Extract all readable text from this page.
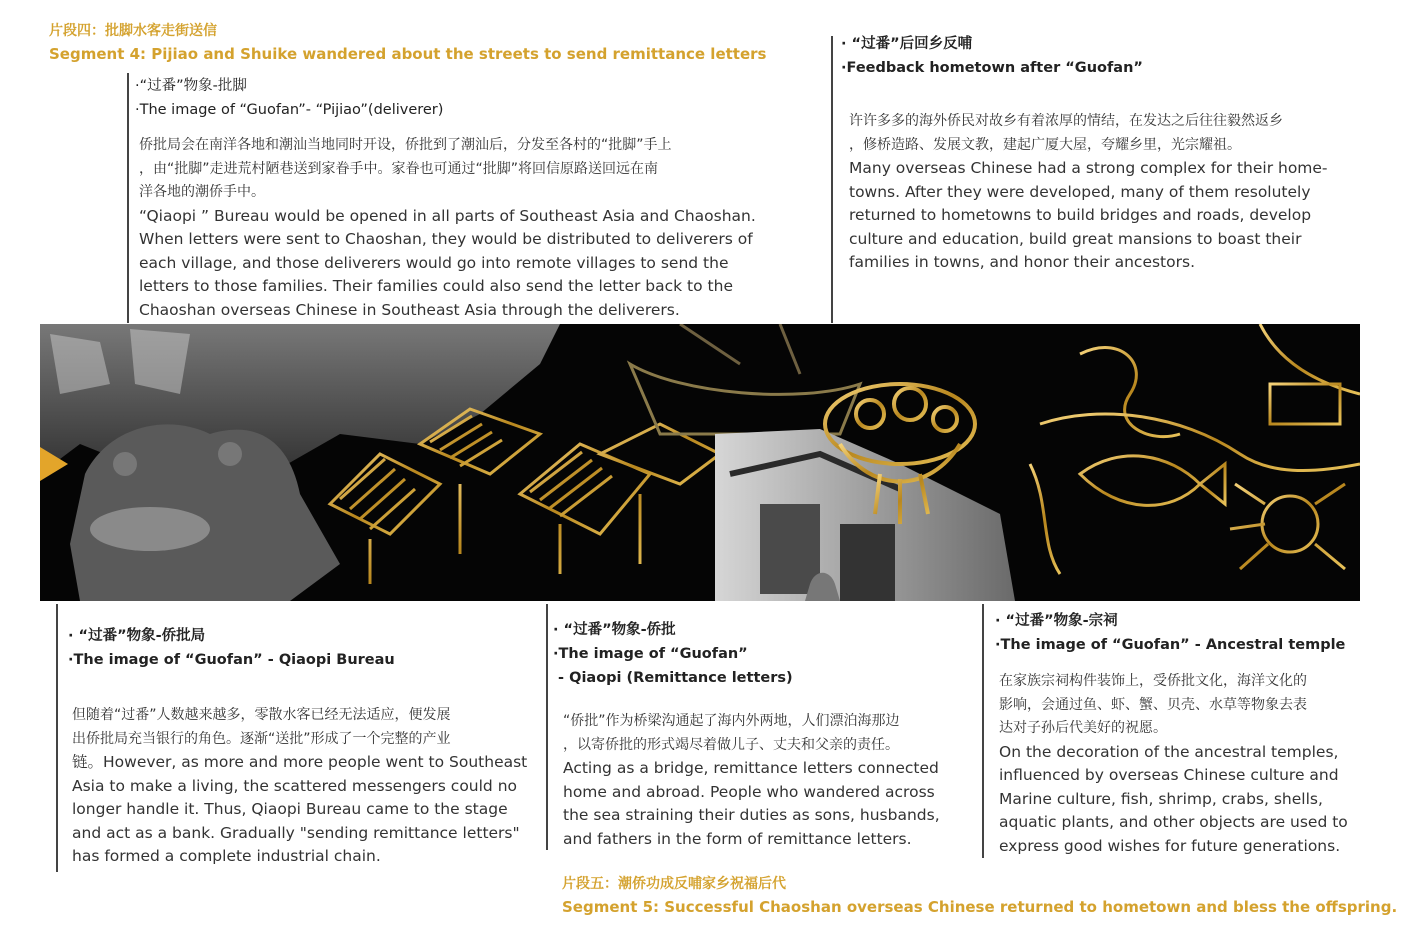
片段四：批脚水客走街送信
Segment 4: Pijiao and Shuike wandered about the streets to send remittance letters
·“过番”物象-批脚
·The image of “Guofan”- “Pijiao”(deliverer)
侨批局会在南洋各地和潮汕当地同时开设，侨批到了潮汕后，分发至各村的“批脚”手上
，由“批脚”走进荒村陋巷送到家眷手中。家眷也可通过“批脚”将回信原路送回远在南
洋各地的潮侨手中。
“Qiaopi ” Bureau would be opened in all parts of Southeast Asia and Chaoshan.
When letters were sent to Chaoshan, they would be distributed to deliverers of
each village, and those deliverers would go into remote villages to send the
letters to those families. Their families could also send the letter back to the
Chaoshan overseas Chinese in Southeast Asia through the deliverers.
· “过番”后回乡反哺
·Feedback hometown after “Guofan”
许许多多的海外侨民对故乡有着浓厚的情结，在发达之后往往毅然返乡
，修桥造路、发展文教，建起广厦大屋，夸耀乡里，光宗耀祖。
Many overseas Chinese had a strong complex for their home-
towns. After they were developed, many of them resolutely
returned to hometowns to build bridges and roads, develop
culture and education, build great mansions to boast their
families in towns, and honor their ancestors.
· “过番”物象-侨批局
·The image of “Guofan” - Qiaopi Bureau
但随着“过番”人数越来越多，零散水客已经无法适应，便发展
出侨批局充当银行的角色。逐渐“送批”形成了一个完整的产业
链。However, as more and more people went to Southeast
Asia to make a living, the scattered messengers could no
longer handle it. Thus, Qiaopi Bureau came to the stage
and act as a bank. Gradually "sending remittance letters"
has formed a complete industrial chain.
· “过番”物象-侨批
·The image of “Guofan”
- Qiaopi (Remittance letters)
“侨批”作为桥梁沟通起了海内外两地，人们漂泊海那边
，以寄侨批的形式竭尽着做儿子、丈夫和父亲的责任。
Acting as a bridge, remittance letters connected
home and abroad. People who wandered across
the sea straining their duties as sons, husbands,
and fathers in the form of remittance letters.
· “过番”物象-宗祠
·The image of “Guofan” - Ancestral temple
在家族宗祠构件装饰上，受侨批文化，海洋文化的
影响，会通过鱼、虾、蟹、贝壳、水草等物象去表
达对子孙后代美好的祝愿。
On the decoration of the ancestral temples,
influenced by overseas Chinese culture and
Marine culture, fish, shrimp, crabs, shells,
aquatic plants, and other objects are used to
express good wishes for future generations.
片段五：潮侨功成反哺家乡祝福后代
Segment 5: Successful Chaoshan overseas Chinese returned to hometown and bless the offspring.
